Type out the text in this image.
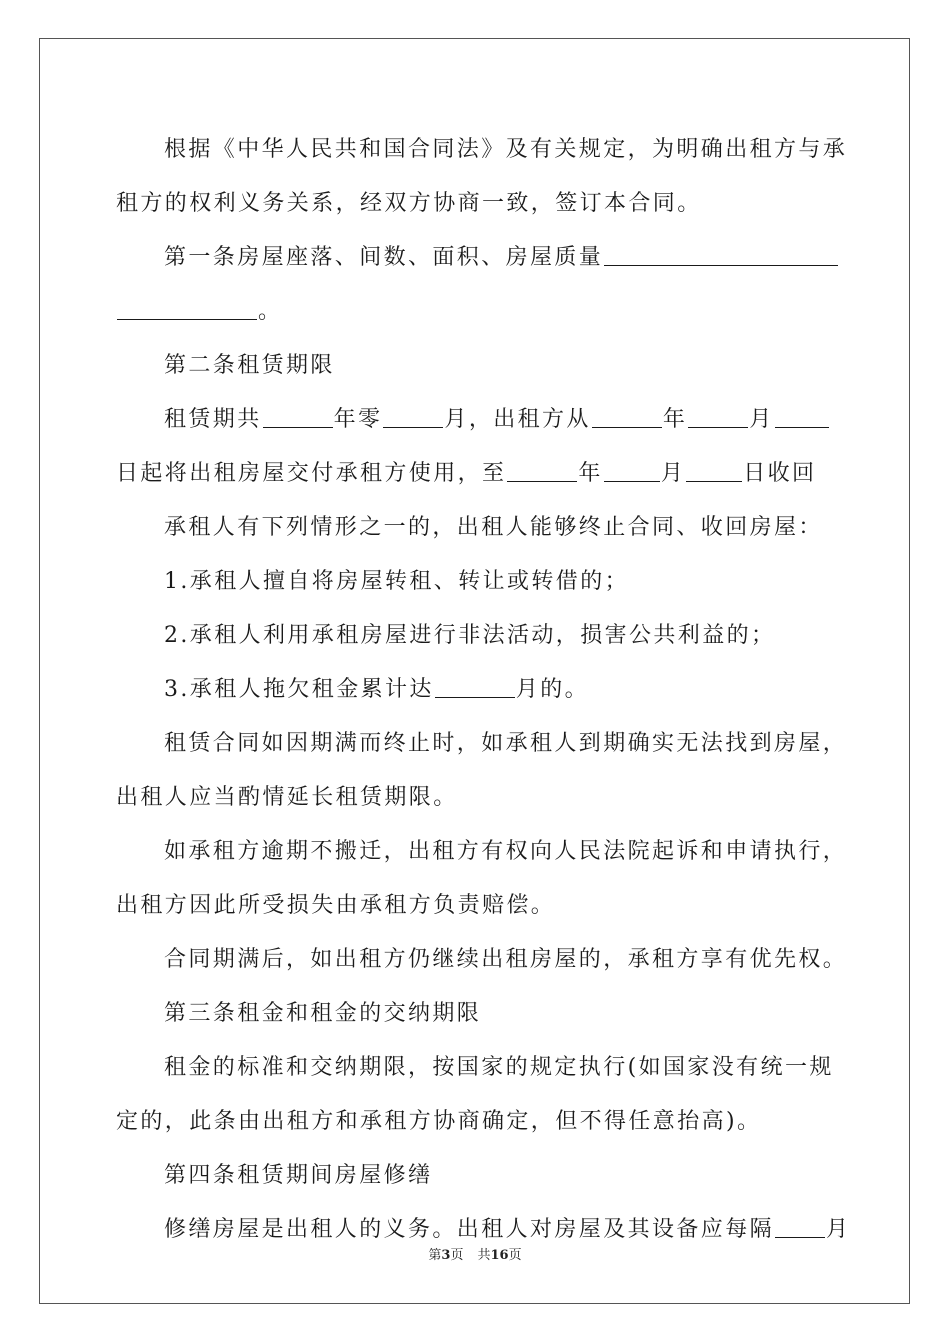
根据《中华人民共和国合同法》及有关规定，为明确出租方与承
租方的权利义务关系，经双方协商一致，签订本合同。
第一条房屋座落、间数、面积、房屋质量
。
第二条租赁期限
租赁期共	年零	月，出租方从	年	月
日起将出租房屋交付承租方使用，至	年	月	日收回
承租人有下列情形之一的，出租人能够终止合同、收回房屋：
1.承租人擅自将房屋转租、转让或转借的；
2.承租人利用承租房屋进行非法活动，损害公共利益的；
3.承租人拖欠租金累计达	月的。
租赁合同如因期满而终止时，如承租人到期确实无法找到房屋，
出租人应当酌情延长租赁期限。
如承租方逾期不搬迁，出租方有权向人民法院起诉和申请执行，
出租方因此所受损失由承租方负责赔偿。
合同期满后，如出租方仍继续出租房屋的，承租方享有优先权。
第三条租金和租金的交纳期限
租金的标准和交纳期限，按国家的规定执行(如国家没有统一规
定的，此条由出租方和承租方协商确定，但不得任意抬高)。
第四条租赁期间房屋修缮
修缮房屋是出租人的义务。出租人对房屋及其设备应每隔 月
第3页 共16页
